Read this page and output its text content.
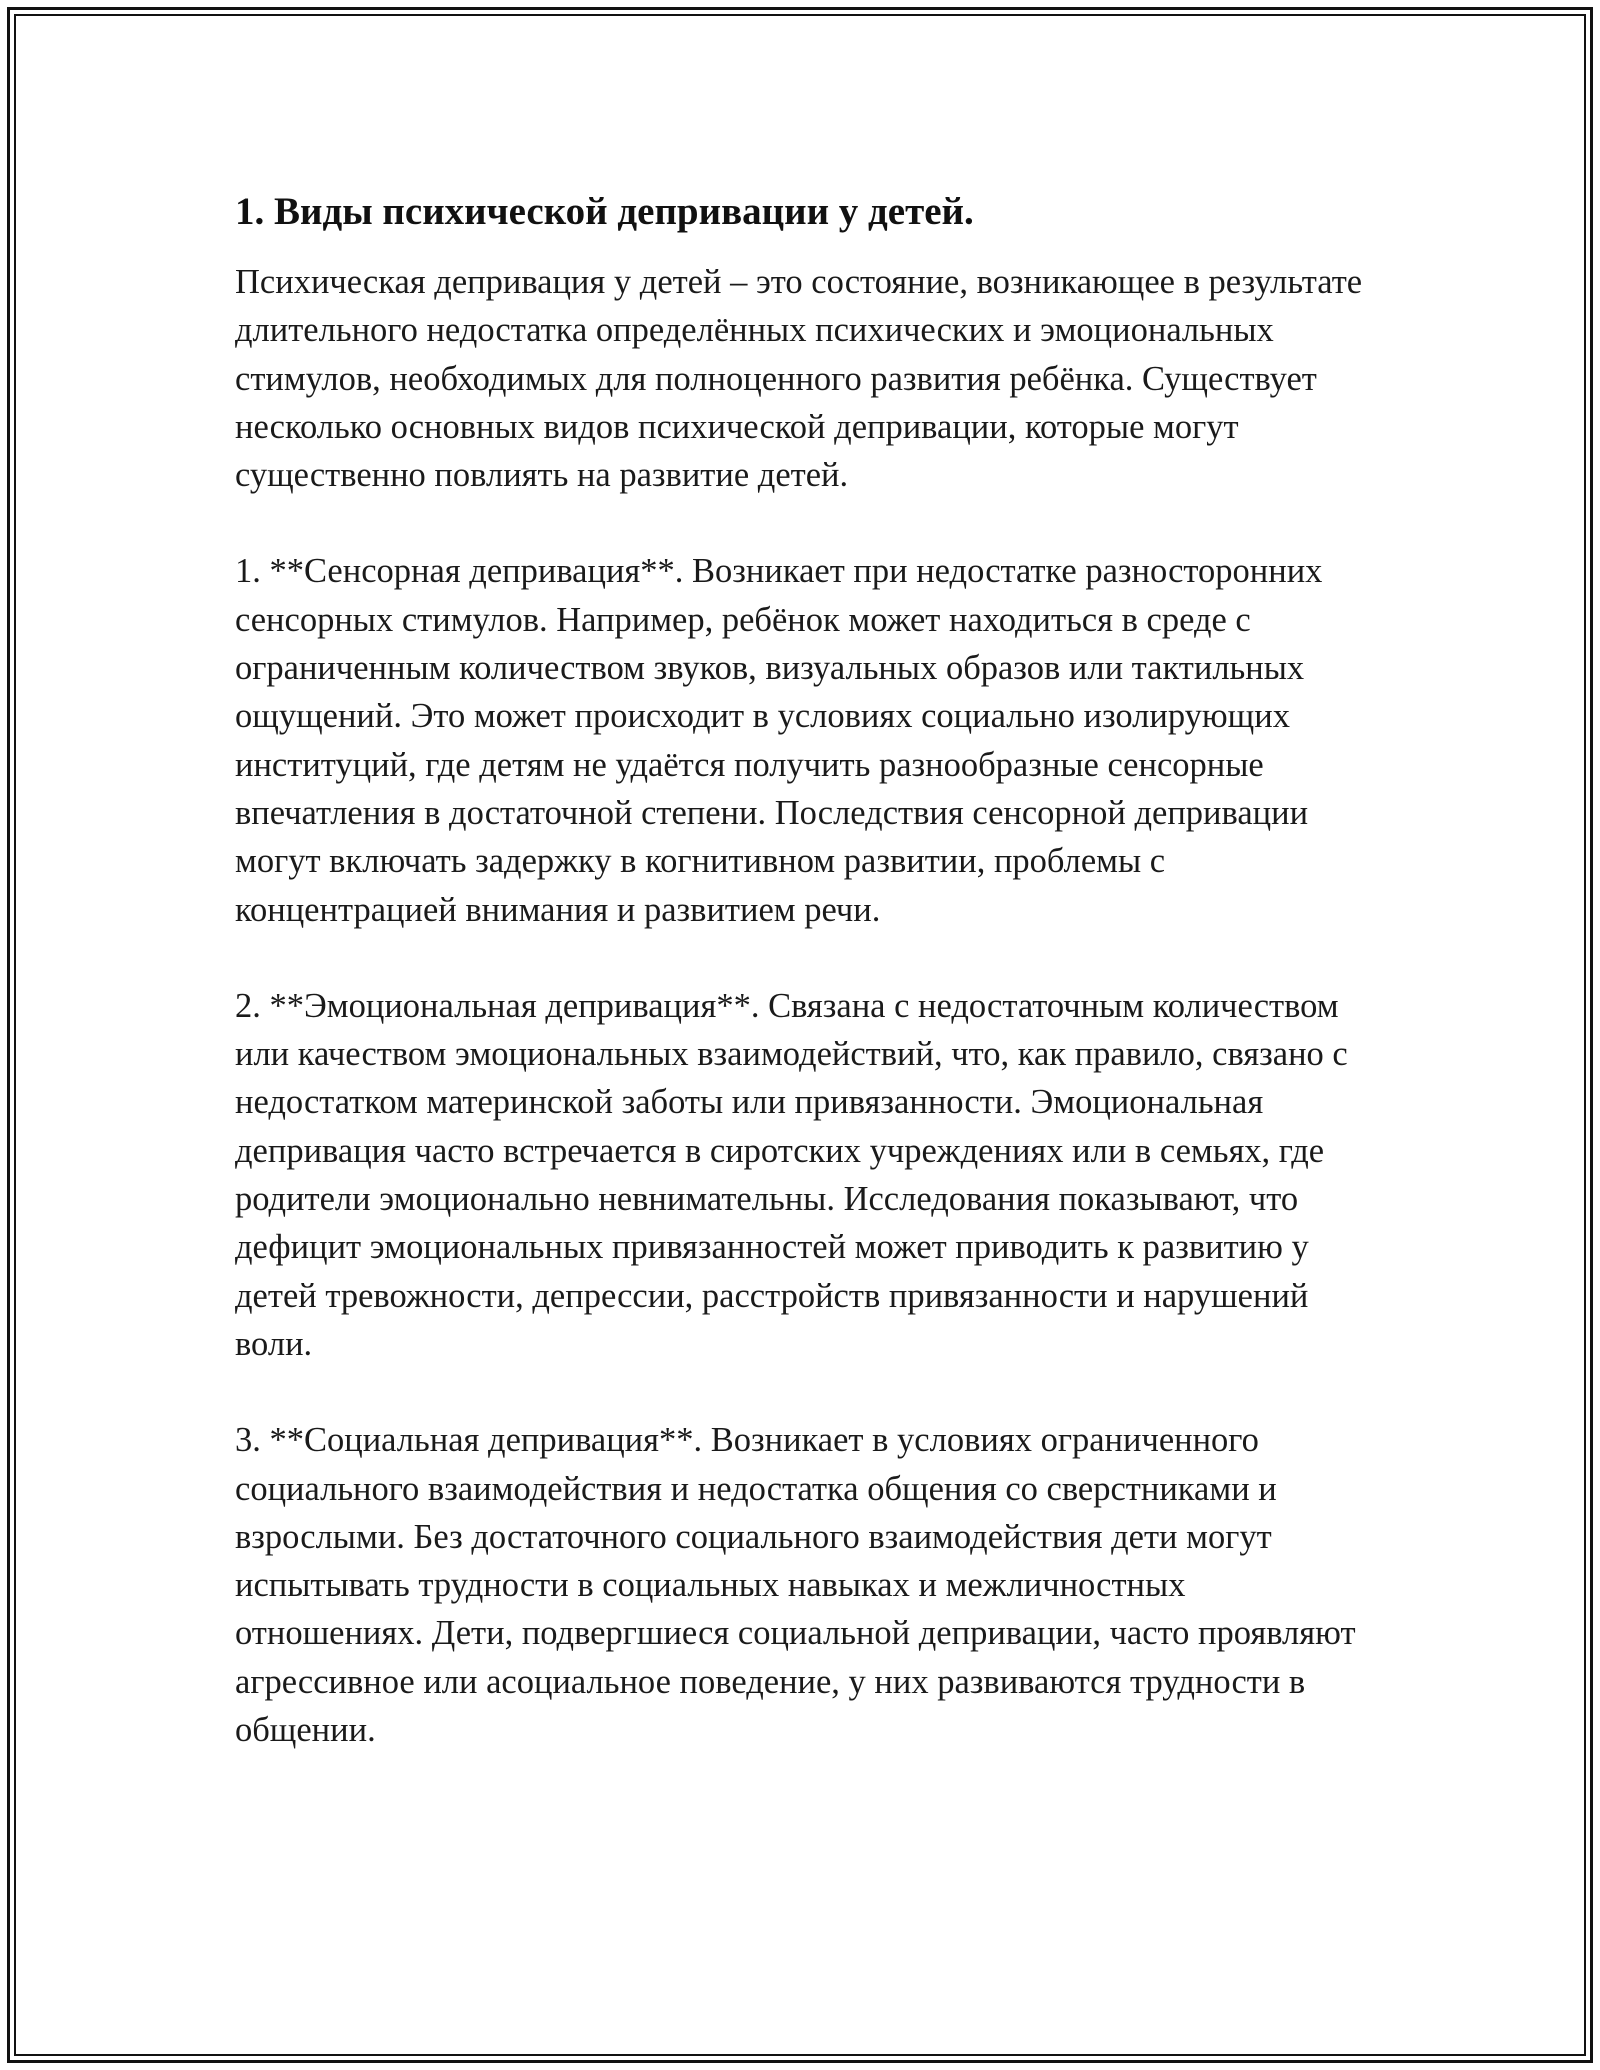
1. Виды психической депривации у детей.

Психическая депривация у детей – это состояние, возникающее в результате длительного недостатка определённых психических и эмоциональных стимулов, необходимых для полноценного развития ребёнка. Существует несколько основных видов психической депривации, которые могут существенно повлиять на развитие детей.

1. **Сенсорная депривация**. Возникает при недостатке разносторонних сенсорных стимулов. Например, ребёнок может находиться в среде с ограниченным количеством звуков, визуальных образов или тактильных ощущений. Это может происходит в условиях социально изолирующих институций, где детям не удаётся получить разнообразные сенсорные впечатления в достаточной степени. Последствия сенсорной депривации могут включать задержку в когнитивном развитии, проблемы с концентрацией внимания и развитием речи.

2. **Эмоциональная депривация**. Связана с недостаточным количеством или качеством эмоциональных взаимодействий, что, как правило, связано с недостатком материнской заботы или привязанности. Эмоциональная депривация часто встречается в сиротских учреждениях или в семьях, где родители эмоционально невнимательны. Исследования показывают, что дефицит эмоциональных привязанностей может приводить к развитию у детей тревожности, депрессии, расстройств привязанности и нарушений воли.

3. **Социальная депривация**. Возникает в условиях ограниченного социального взаимодействия и недостатка общения со сверстниками и взрослыми. Без достаточного социального взаимодействия дети могут испытывать трудности в социальных навыках и межличностных отношениях. Дети, подвергшиеся социальной депривации, часто проявляют агрессивное или асоциальное поведение, у них развиваются трудности в общении.
